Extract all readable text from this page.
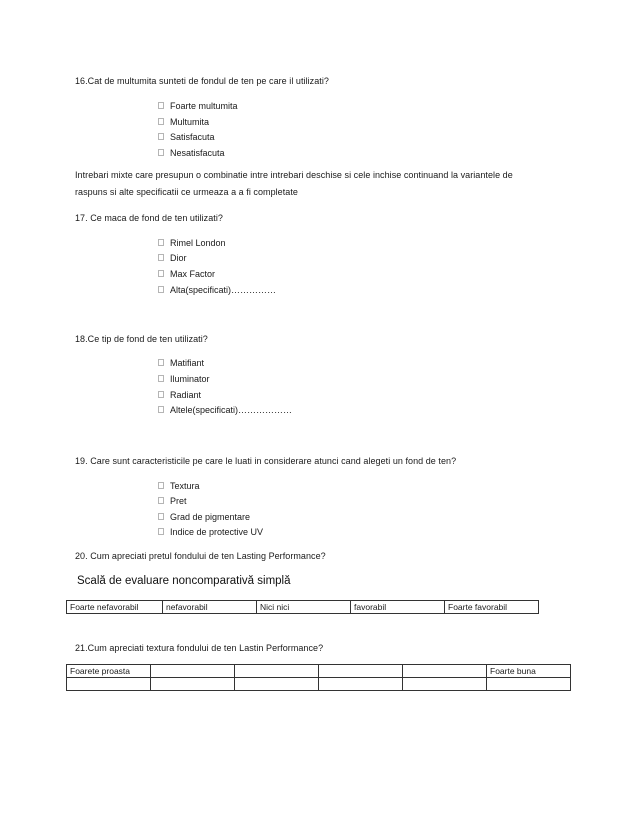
16.Cat de multumita sunteti de fondul de ten pe care il utilizati?
Foarte multumita
Multumita
Satisfacuta
Nesatisfacuta
Intrebari mixte care presupun o combinatie intre intrebari deschise si cele inchise continuand la variantele de
raspuns si alte specificatii ce urmeaza a a fi completate
17. Ce maca de fond de ten utilizati?
Rimel London
Dior
Max Factor
Alta(specificati)……………
18.Ce tip de fond de ten utilizati?
Matifiant
Iluminator
Radiant
Altele(specificati)………………
19. Care sunt caracteristicile pe care le luati in considerare atunci cand alegeti un fond de ten?
Textura
Pret
Grad de pigmentare
Indice de protective UV
20. Cum apreciati pretul fondului de ten Lasting Performance?
Scală de evaluare noncomparativă simplă
Foarte nefavorabil	nefavorabil	Nici nici	favorabil	Foarte favorabil
21.Cum apreciati textura fondului de ten Lastin Performance?
Foarete proasta					Foarte buna
